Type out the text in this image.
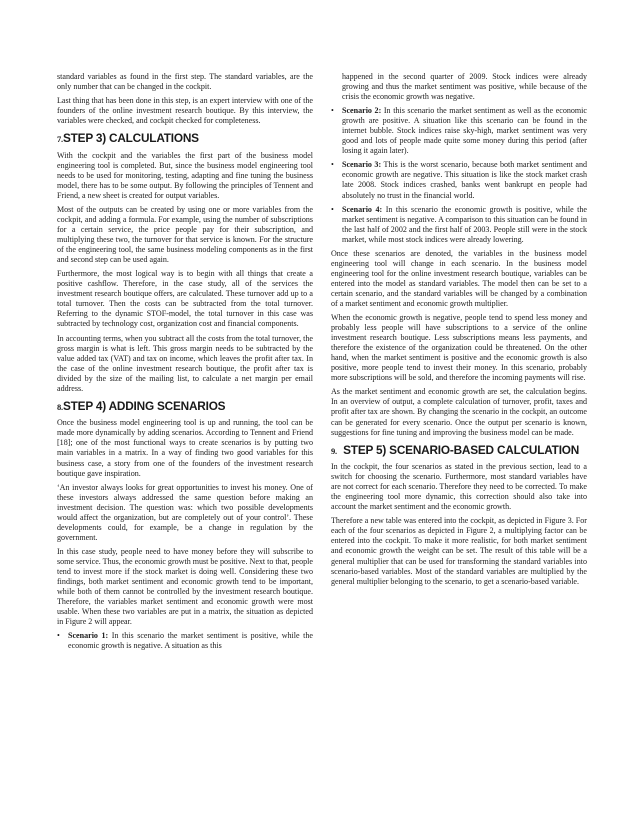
standard variables as found in the first step. The standard variables, are the only number that can be changed in the cockpit.

Last thing that has been done in this step, is an expert interview with one of the founders of the online investment research boutique. By this interview, the variables were checked, and cockpit checked for completeness.

7.STEP 3) CALCULATIONS

With the cockpit and the variables the first part of the business model engineering tool is completed. But, since the business model engineering tool needs to be used for monitoring, testing, adapting and fine tuning the business model, there has to be some output. By following the principles of Tennent and Friend, a new sheet is created for output variables.

Most of the outputs can be created by using one or more variables from the cockpit, and adding a formula. For example, using the number of subscriptions for a certain service, the price people pay for their subscription, and multiplying these two, the turnover for that service is known. For the structure of the engineering tool, the same business modeling components as in the first and second step can be used again.

Furthermore, the most logical way is to begin with all things that create a positive cashflow. Therefore, in the case study, all of the services the investment research boutique offers, are calculated. These turnover add up to a total turnover. Then the costs can be subtracted from the total turnover. Referring to the dynamic STOF-model, the total turnover in this case was subtracted by technology cost, organization cost and financial components.

In accounting terms, when you subtract all the costs from the total turnover, the gross margin is what is left. This gross margin needs to be subtracted by the value added tax (VAT) and tax on income, which leaves the profit after tax. In the case of the online investment research boutique, the profit after tax is divided by the size of the mailing list, to calculate a net margin per email address.

8.STEP 4) ADDING SCENARIOS

Once the business model engineering tool is up and running, the tool can be made more dynamically by adding scenarios. According to Tennent and Friend [18]; one of the most functional ways to create scenarios is by putting two main variables in a matrix. In a way of finding two good variables for this business case, a story from one of the founders of the investment research boutique gave inspiration.

‘An investor always looks for great opportunities to invest his money. One of these investors always addressed the same question before making an investment decision. The question was: which two possible developments would affect the organization, but are completely out of your control’. These developments could, for example, be a change in regulation by the government.

In this case study, people need to have money before they will subscribe to some service. Thus, the economic growth must be positive. Next to that, people tend to invest more if the stock market is doing well. Considering these two findings, both market sentiment and economic growth tend to be important, while both of them cannot be controlled by the investment research boutique. Therefore, the variables market sentiment and economic growth were most usable. When these two variables are put in a matrix, the situation as depicted in Figure 2 will appear.

• Scenario 1: In this scenario the market sentiment is positive, while the economic growth is negative. A situation as this

happened in the second quarter of 2009. Stock indices were already growing and thus the market sentiment was positive, while because of the crisis the economic growth was negative.

• Scenario 2: In this scenario the market sentiment as well as the economic growth are positive. A situation like this scenario can be found in the internet bubble. Stock indices raise sky-high, market sentiment was very good and lots of people made quite some money during this period (after losing it again later).
• Scenario 3: This is the worst scenario, because both market sentiment and economic growth are negative. This situation is like the stock market crash late 2008. Stock indices crashed, banks went bankrupt en people had absolutely no trust in the financial world.
• Scenario 4: In this scenario the economic growth is positive, while the market sentiment is negative. A comparison to this situation can be found in the last half of 2002 and the first half of 2003. People still were in the stock market, while most stock indices were already lowering.

Once these scenarios are denoted, the variables in the business model engineering tool will change in each scenario. In the business model engineering tool for the online investment research boutique, variables can be entered into the model as standard variables. The model then can be set to a certain scenario, and the standard variables will be changed by a combination of a market sentiment and economic growth multiplier.

When the economic growth is negative, people tend to spend less money and probably less people will have subscriptions to a service of the online investment research boutique. Less subscriptions means less payments, and therefore the existence of the organization could be threatened. On the other hand, when the market sentiment is positive and the economic growth is also positive, more people tend to invest their money. In this scenario, probably more subscriptions will be sold, and therefore the incoming payments will rise.

As the market sentiment and economic growth are set, the calculation begins. In an overview of output, a complete calculation of turnover, profit, taxes and profit after tax are shown. By changing the scenario in the cockpit, an outcome can be generated for every scenario. Once the output per scenario is known, suggestions for fine tuning and improving the business model can be made.

9. STEP 5) SCENARIO-BASED CALCULATION

In the cockpit, the four scenarios as stated in the previous section, lead to a switch for choosing the scenario. Furthermore, most standard variables have are not correct for each scenario. Therefore they need to be corrected. To make the engineering tool more dynamic, this correction should also take into account the market sentiment and the economic growth.

Therefore a new table was entered into the cockpit, as depicted in Figure 3. For each of the four scenarios as depicted in Figure 2, a multiplying factor can be entered into the cockpit. To make it more realistic, for both market sentiment and economic growth the weight can be set. The result of this table will be a general multiplier that can be used for transforming the standard variables into scenario-based variables. Most of the standard variables are multiplied by the general multiplier belonging to the scenario, to get a scenario-based variable.
